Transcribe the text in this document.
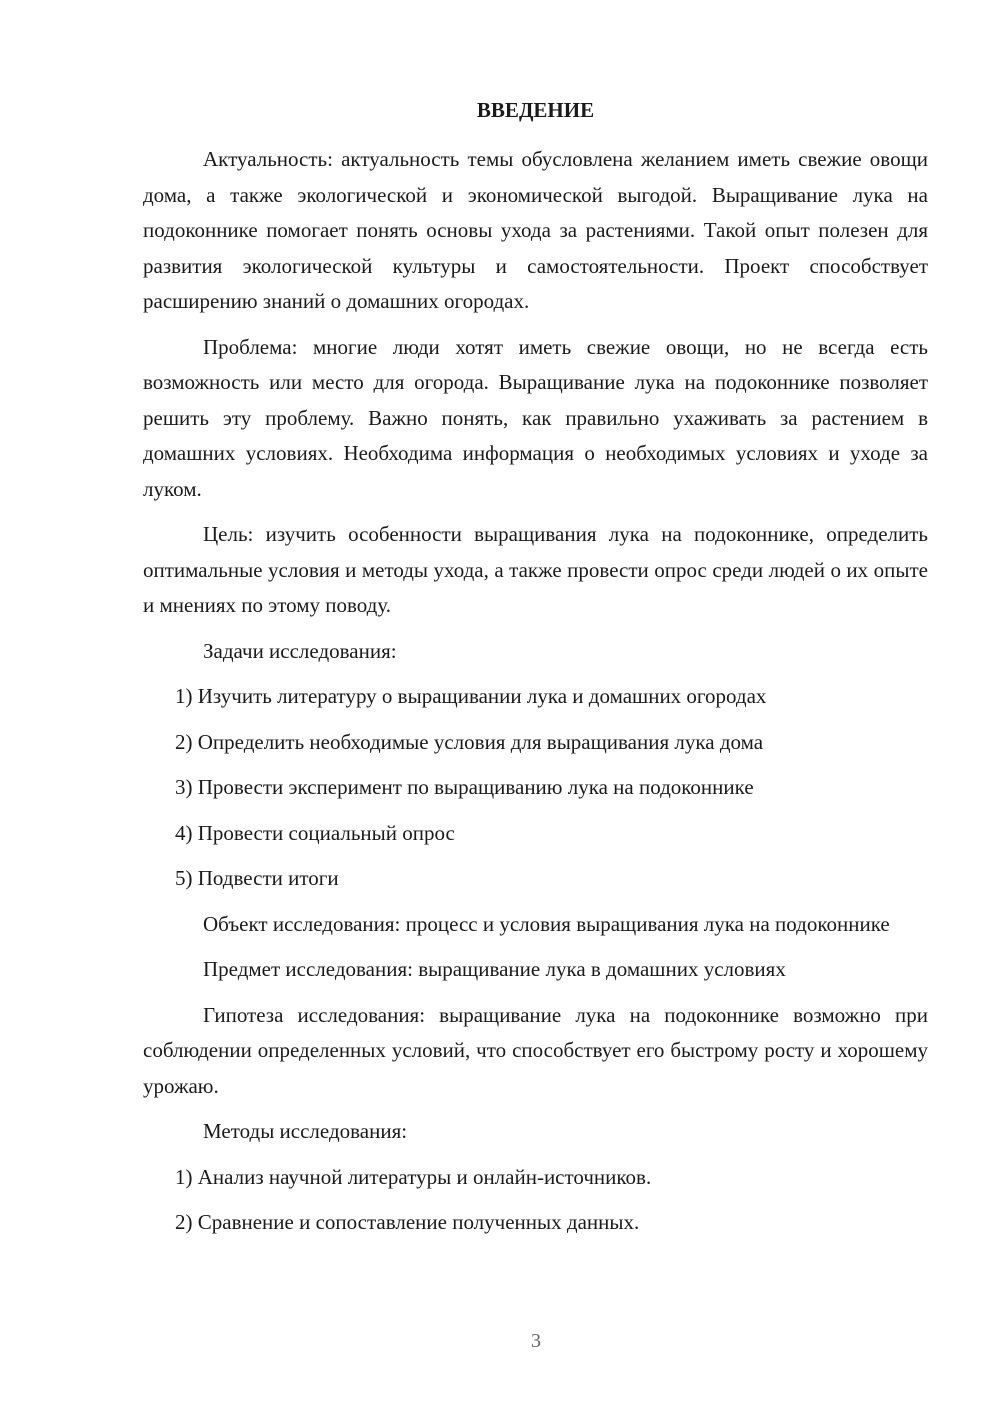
ВВЕДЕНИЕ

Актуальность: актуальность темы обусловлена желанием иметь свежие овощи дома, а также экологической и экономической выгодой. Выращивание лука на подоконнике помогает понять основы ухода за растениями. Такой опыт полезен для развития экологической культуры и самостоятельности. Проект способствует расширению знаний о домашних огородах.

Проблема: многие люди хотят иметь свежие овощи, но не всегда есть возможность или место для огорода. Выращивание лука на подоконнике позволяет решить эту проблему. Важно понять, как правильно ухаживать за растением в домашних условиях. Необходима информация о необходимых условиях и уходе за луком.

Цель: изучить особенности выращивания лука на подоконнике, определить оптимальные условия и методы ухода, а также провести опрос среди людей о их опыте и мнениях по этому поводу.

Задачи исследования:

1) Изучить литературу о выращивании лука и домашних огородах
2) Определить необходимые условия для выращивания лука дома
3) Провести эксперимент по выращиванию лука на подоконнике
4) Провести социальный опрос
5) Подвести итоги

Объект исследования: процесс и условия выращивания лука на подоконнике

Предмет исследования: выращивание лука в домашних условиях

Гипотеза исследования: выращивание лука на подоконнике возможно при соблюдении определенных условий, что способствует его быстрому росту и хорошему урожаю.

Методы исследования:

1) Анализ научной литературы и онлайн-источников.
2) Сравнение и сопоставление полученных данных.
3
